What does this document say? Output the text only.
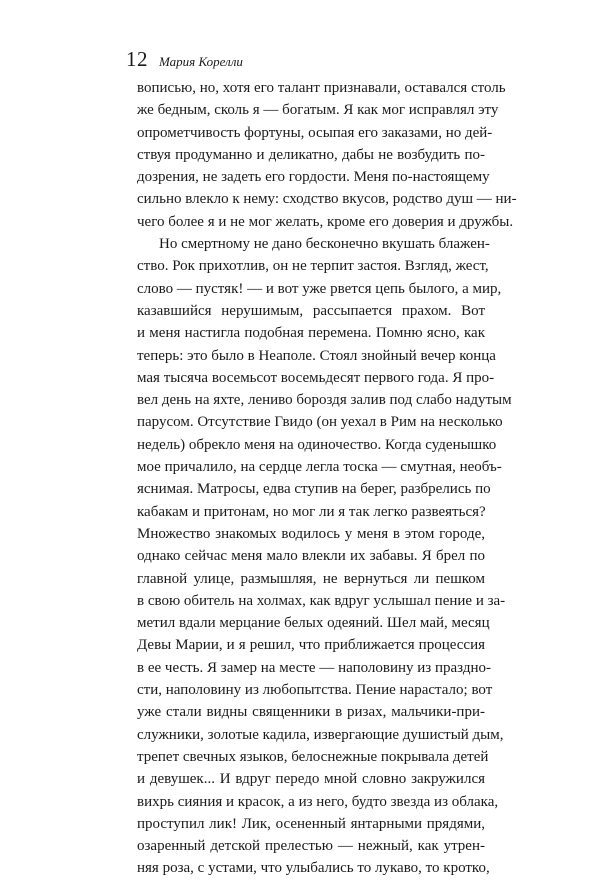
12 Мария Корелли
вописью, но, хотя его талант признавали, оставался столь
же бедным, сколь я — богатым. Я как мог исправлял эту
опрометчивость фортуны, осыпая его заказами, но дей-
ствуя продуманно и деликатно, дабы не возбудить по-
дозрения, не задеть его гордости. Меня по-настоящему
сильно влекло к нему: сходство вкусов, родство душ — ни-
чего более я и не мог желать, кроме его доверия и дружбы.
Но смертному не дано бесконечно вкушать блажен-
ство. Рок прихотлив, он не терпит застоя. Взгляд, жест,
слово — пустяк! — и вот уже рвется цепь былого, а мир,
казавшийся нерушимым, рассыпается прахом. Вот
и меня настигла подобная перемена. Помню ясно, как
теперь: это было в Неаполе. Стоял знойный вечер конца
мая тысяча восемьсот восемьдесят первого года. Я про-
вел день на яхте, лениво бороздя залив под слабо надутым
парусом. Отсутствие Гвидо (он уехал в Рим на несколько
недель) обрекло меня на одиночество. Когда суденышко
мое причалило, на сердце легла тоска — смутная, необъ-
яснимая. Матросы, едва ступив на берег, разбрелись по
кабакам и притонам, но мог ли я так легко развеяться?
Множество знакомых водилось у меня в этом городе,
однако сейчас меня мало влекли их забавы. Я брел по
главной улице, размышляя, не вернуться ли пешком
в свою обитель на холмах, как вдруг услышал пение и за-
метил вдали мерцание белых одеяний. Шел май, месяц
Девы Марии, и я решил, что приближается процессия
в ее честь. Я замер на месте — наполовину из праздно-
сти, наполовину из любопытства. Пение нарастало; вот
уже стали видны священники в ризах, мальчики-при-
служники, золотые кадила, извергающие душистый дым,
трепет свечных языков, белоснежные покрывала детей
и девушек... И вдруг передо мной словно закружился
вихрь сияния и красок, а из него, будто звезда из облака,
проступил лик! Лик, осененный янтарными прядями,
озаренный детской прелестью — нежный, как утрен-
няя роза, с устами, что улыбались то лукаво, то кротко,
